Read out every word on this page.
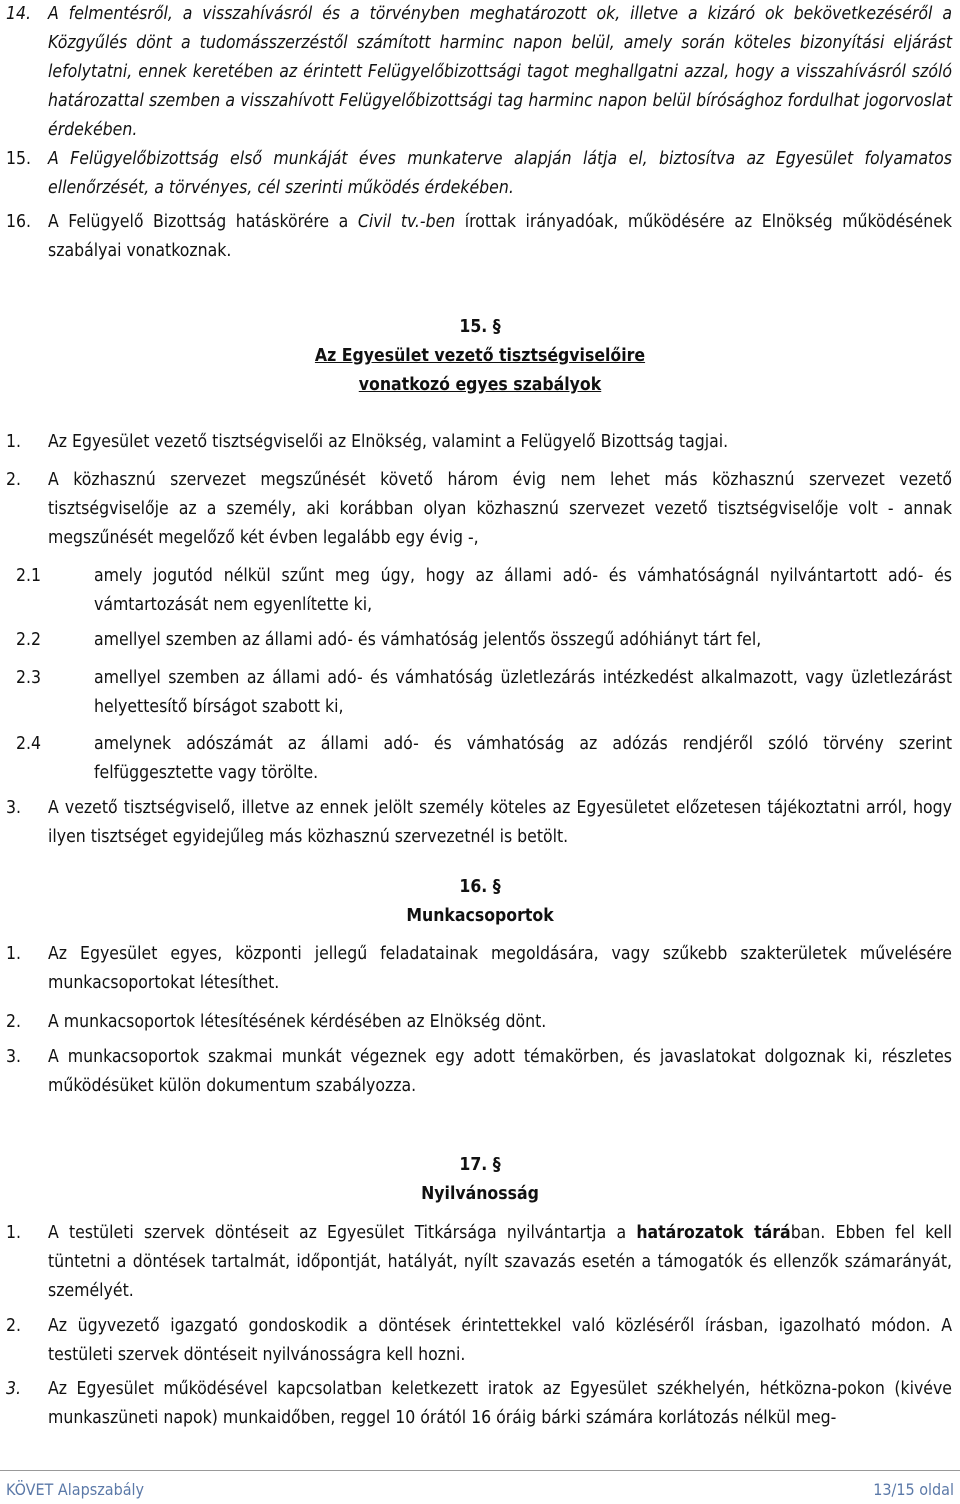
14. A felmentésről, a visszahívásról és a törvényben meghatározott ok, illetve a kizáró ok bekövetkezéséről a Közgyűlés dönt a tudomásszerzéstől számított harminc napon belül, amely során köteles bizonyítási eljárást lefolytatni, ennek keretében az érintett Felügyelőbizottsági tagot meghallgatni azzal, hogy a visszahívásról szóló határozattal szemben a visszahívott Felügyelőbizottsági tag harminc napon belül bírósághoz fordulhat jogorvoslat érdekében.
15. A Felügyelőbizottság első munkáját éves munkaterve alapján látja el, biztosítva az Egyesület folyamatos ellenőrzését, a törvényes, cél szerinti működés érdekében.
16. A Felügyelő Bizottság hatáskörére a Civil tv.-ben írottak irányadóak, működésére az Elnökség működésének szabályai vonatkoznak.
15. §
Az Egyesület vezető tisztségviselőire
vonatkozó egyes szabályok
1. Az Egyesület vezető tisztségviselői az Elnökség, valamint a Felügyelő Bizottság tagjai.
2. A közhasznú szervezet megszűnését követő három évig nem lehet más közhasznú szervezet vezető tisztségviselője az a személy, aki korábban olyan közhasznú szervezet vezető tisztségviselője volt - annak megszűnését megelőző két évben legalább egy évig -,
2.1	amely jogutód nélkül szűnt meg úgy, hogy az állami adó- és vámhatóságnál nyilvántartott adó- és vámtartozását nem egyenlítette ki,
2.2	amellyel szemben az állami adó- és vámhatóság jelentős összegű adóhiányt tárt fel,
2.3	amellyel szemben az állami adó- és vámhatóság üzletlezárás intézkedést alkalmazott, vagy üzletlezárást helyettesítő bírságot szabott ki,
2.4	amelynek adószámát az állami adó- és vámhatóság az adózás rendjéről szóló törvény szerint felfüggesztette vagy törölte.
3. A vezető tisztségviselő, illetve az ennek jelölt személy köteles az Egyesületet előzetesen tájékoztatni arról, hogy ilyen tisztséget egyidejűleg más közhasznú szervezetnél is betölt.
16. §
Munkacsoportok
1. Az Egyesület egyes, központi jellegű feladatainak megoldására, vagy szűkebb szakterületek művelésére munkacsoportokat létesíthet.
2. A munkacsoportok létesítésének kérdésében az Elnökség dönt.
3. A munkacsoportok szakmai munkát végeznek egy adott témakörben, és javaslatokat dolgoznak ki, részletes működésüket külön dokumentum szabályozza.
17. §
Nyilvánosság
1. A testületi szervek döntéseit az Egyesület Titkársága nyilvántartja a határozatok tárában. Ebben fel kell tüntetni a döntések tartalmát, időpontját, hatályát, nyílt szavazás esetén a támogatók és ellenzők számarányát, személyét.
2. Az ügyvezető igazgató gondoskodik a döntések érintettekkel való közléséről írásban, igazolható módon. A testületi szervek döntéseit nyilvánosságra kell hozni.
3. Az Egyesület működésével kapcsolatban keletkezett iratok az Egyesület székhelyén, hétközna-pokon (kivéve munkaszüneti napok) munkaidőben, reggel 10 órától 16 óráig bárki számára korlátozás nélkül meg-
KÖVET Alapszabály	13/15 oldal
